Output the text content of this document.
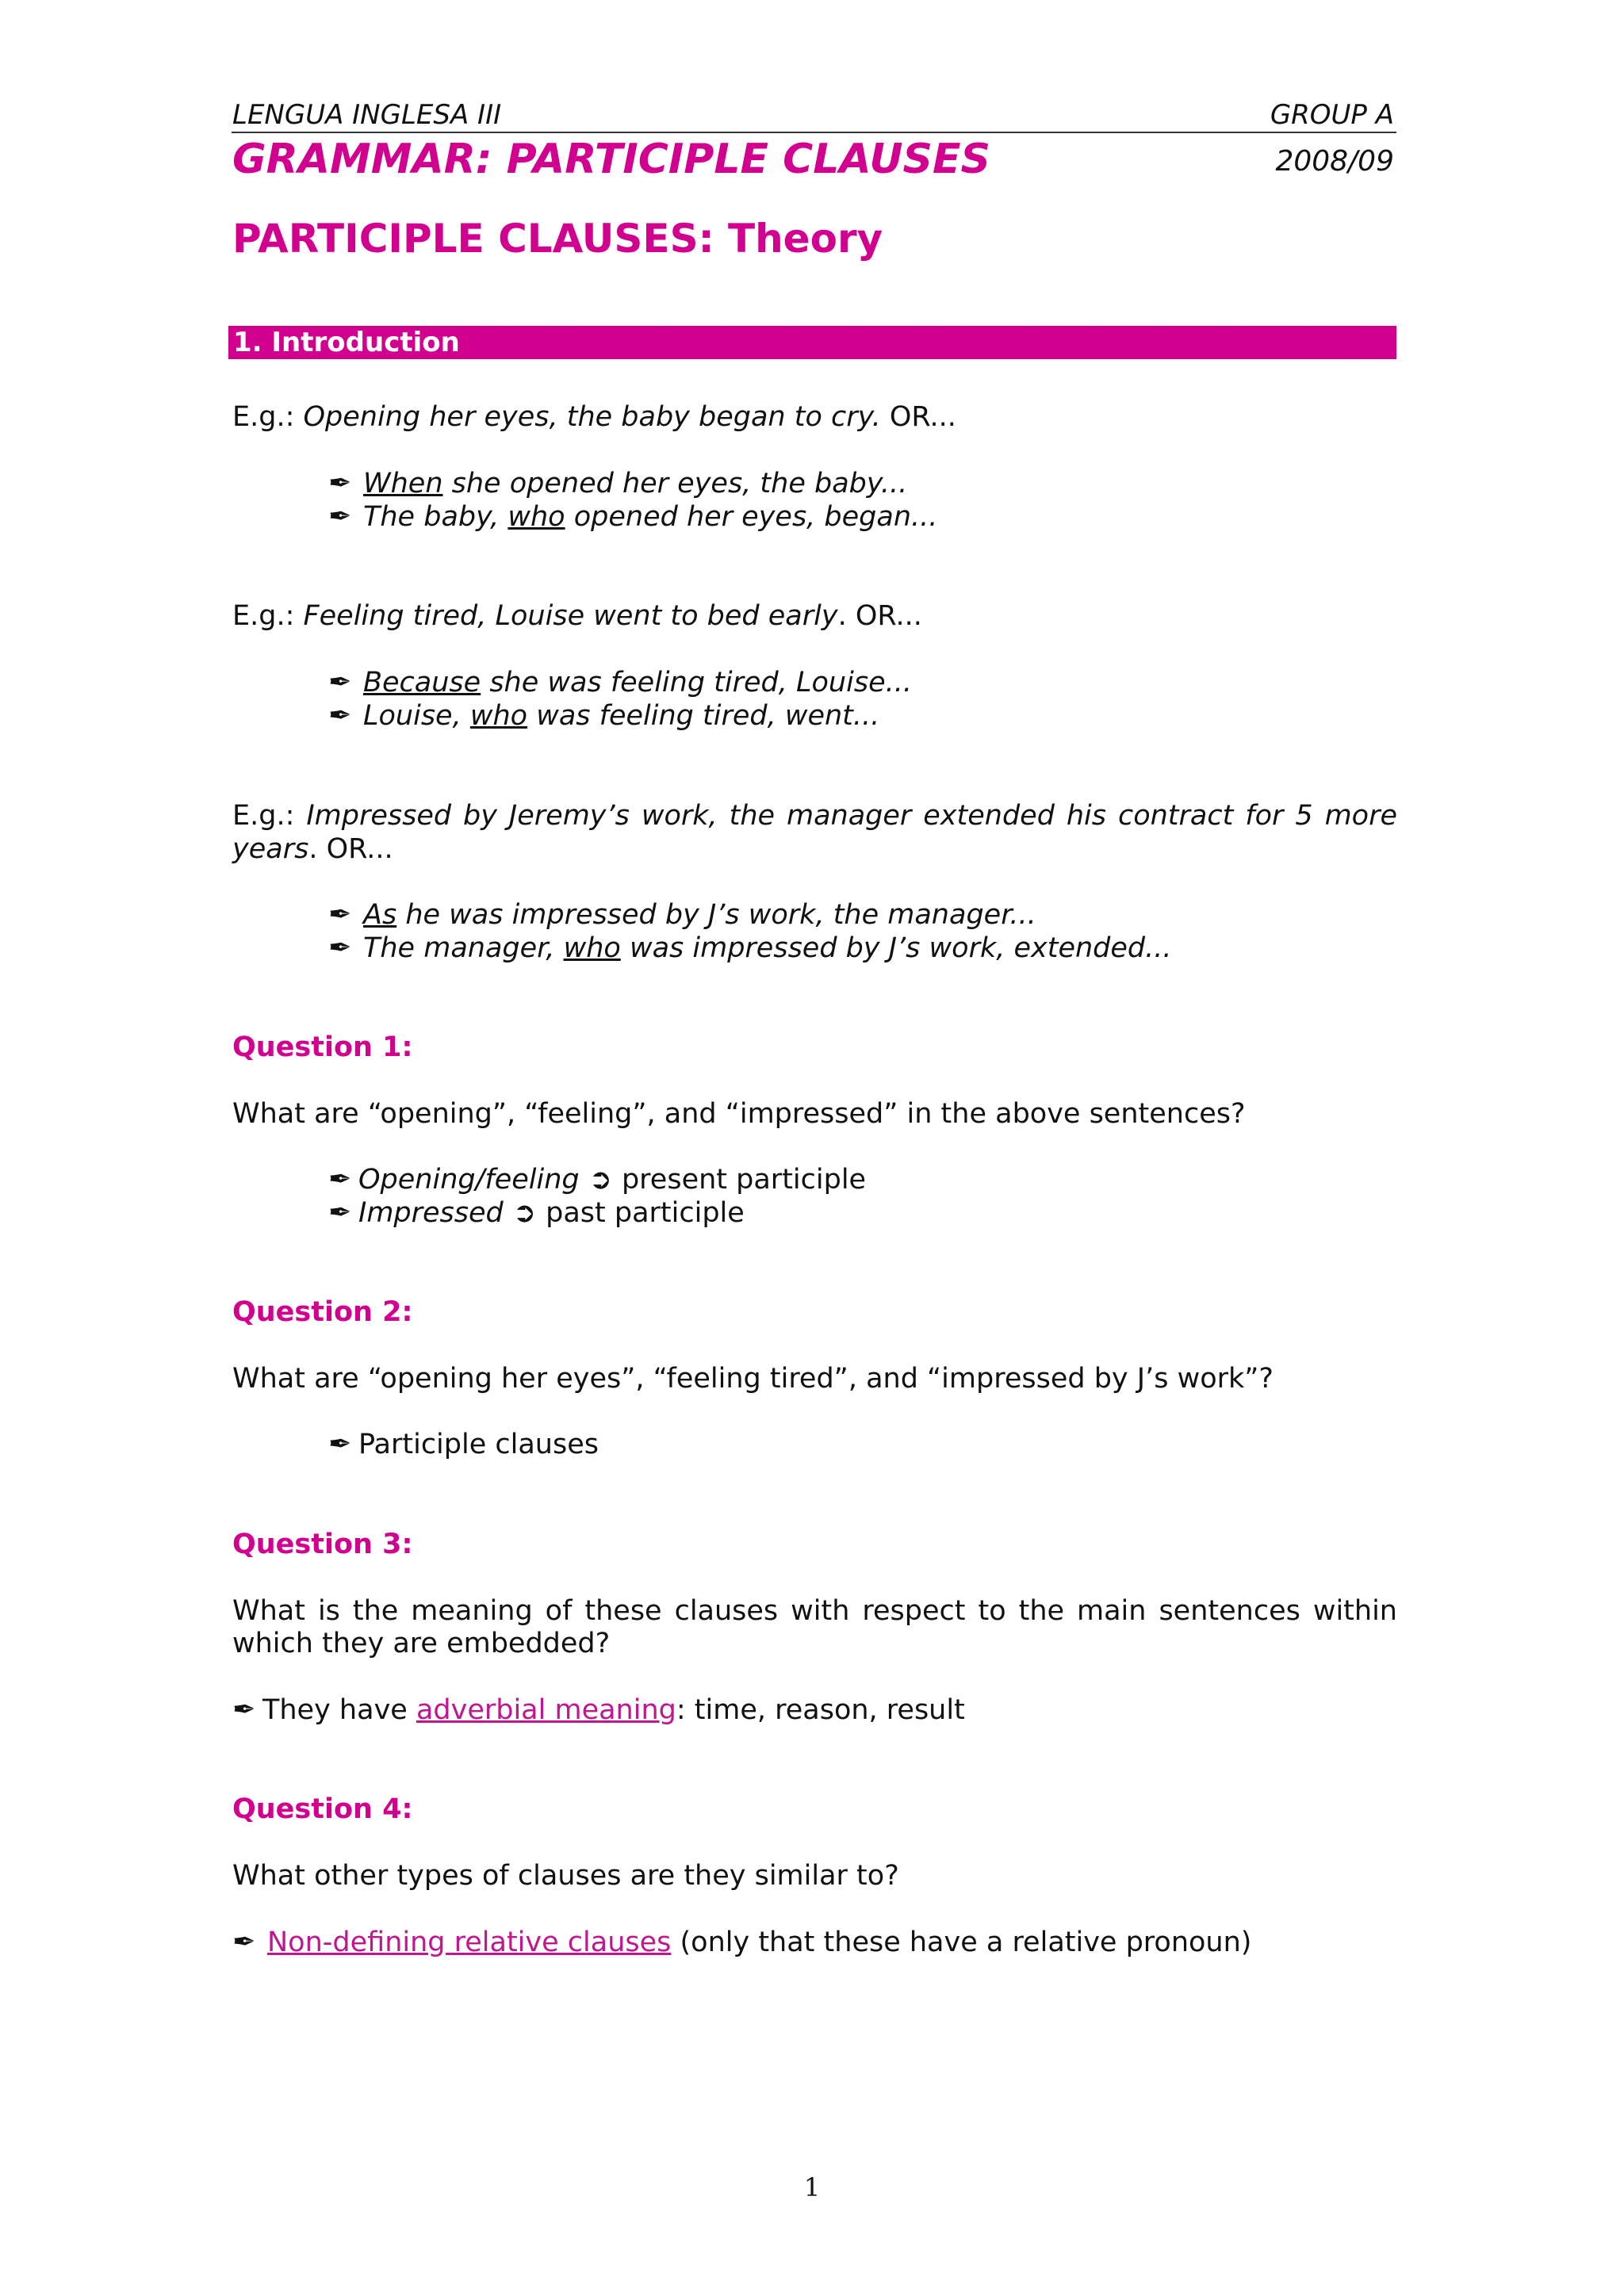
LENGUA INGLESA III	GROUP A
GRAMMAR: PARTICIPLE CLAUSES	2008/09
PARTICIPLE CLAUSES: Theory
1. Introduction
E.g.: Opening her eyes, the baby began to cry. OR...
✒ When she opened her eyes, the baby...
✒ The baby, who opened her eyes, began...
E.g.: Feeling tired, Louise went to bed early. OR...
✒ Because she was feeling tired, Louise...
✒ Louise, who was feeling tired, went...
E.g.: Impressed by Jeremy’s work, the manager extended his contract for 5 more
years. OR...
✒ As he was impressed by J’s work, the manager...
✒ The manager, who was impressed by J’s work, extended...
Question 1:
What are “opening”, “feeling”, and “impressed” in the above sentences?
✒ Opening/feeling ➲ present participle
✒ Impressed ➲ past participle
Question 2:
What are “opening her eyes”, “feeling tired”, and “impressed by J’s work”?
✒ Participle clauses
Question 3:
What is the meaning of these clauses with respect to the main sentences within
which they are embedded?
✒ They have adverbial meaning: time, reason, result
Question 4:
What other types of clauses are they similar to?
✒ Non-defining relative clauses (only that these have a relative pronoun)
1
